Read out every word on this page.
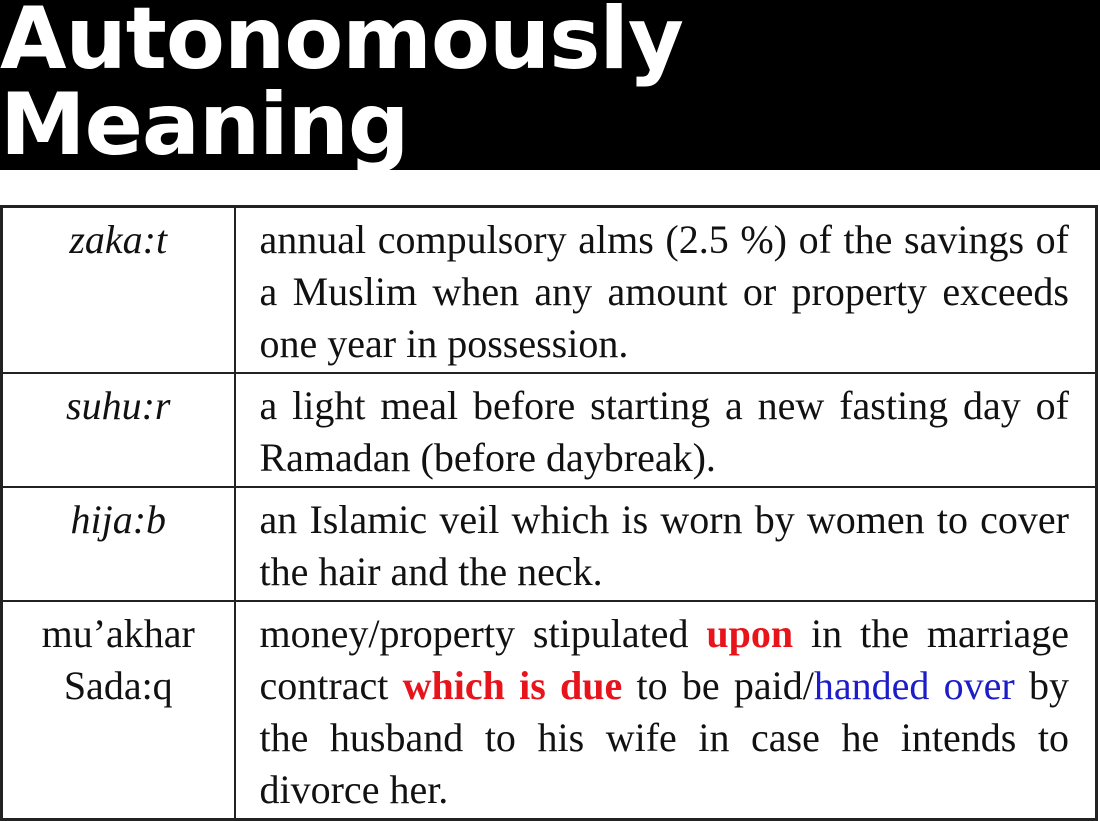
Autonomously Meaning
zaka:t	annual compulsory alms (2.5 %) of the savings of a Muslim when any amount or property exceeds one year in possession.

suhu:r	a light meal before starting a new fasting day of Ramadan (before daybreak).

hija:b	an Islamic veil which is worn by women to cover the hair and the neck.

mu’akhar
Sada:q	money/property stipulated upon in the marriage contract which is due to be paid/handed over by the husband to his wife in case he intends to divorce her.
